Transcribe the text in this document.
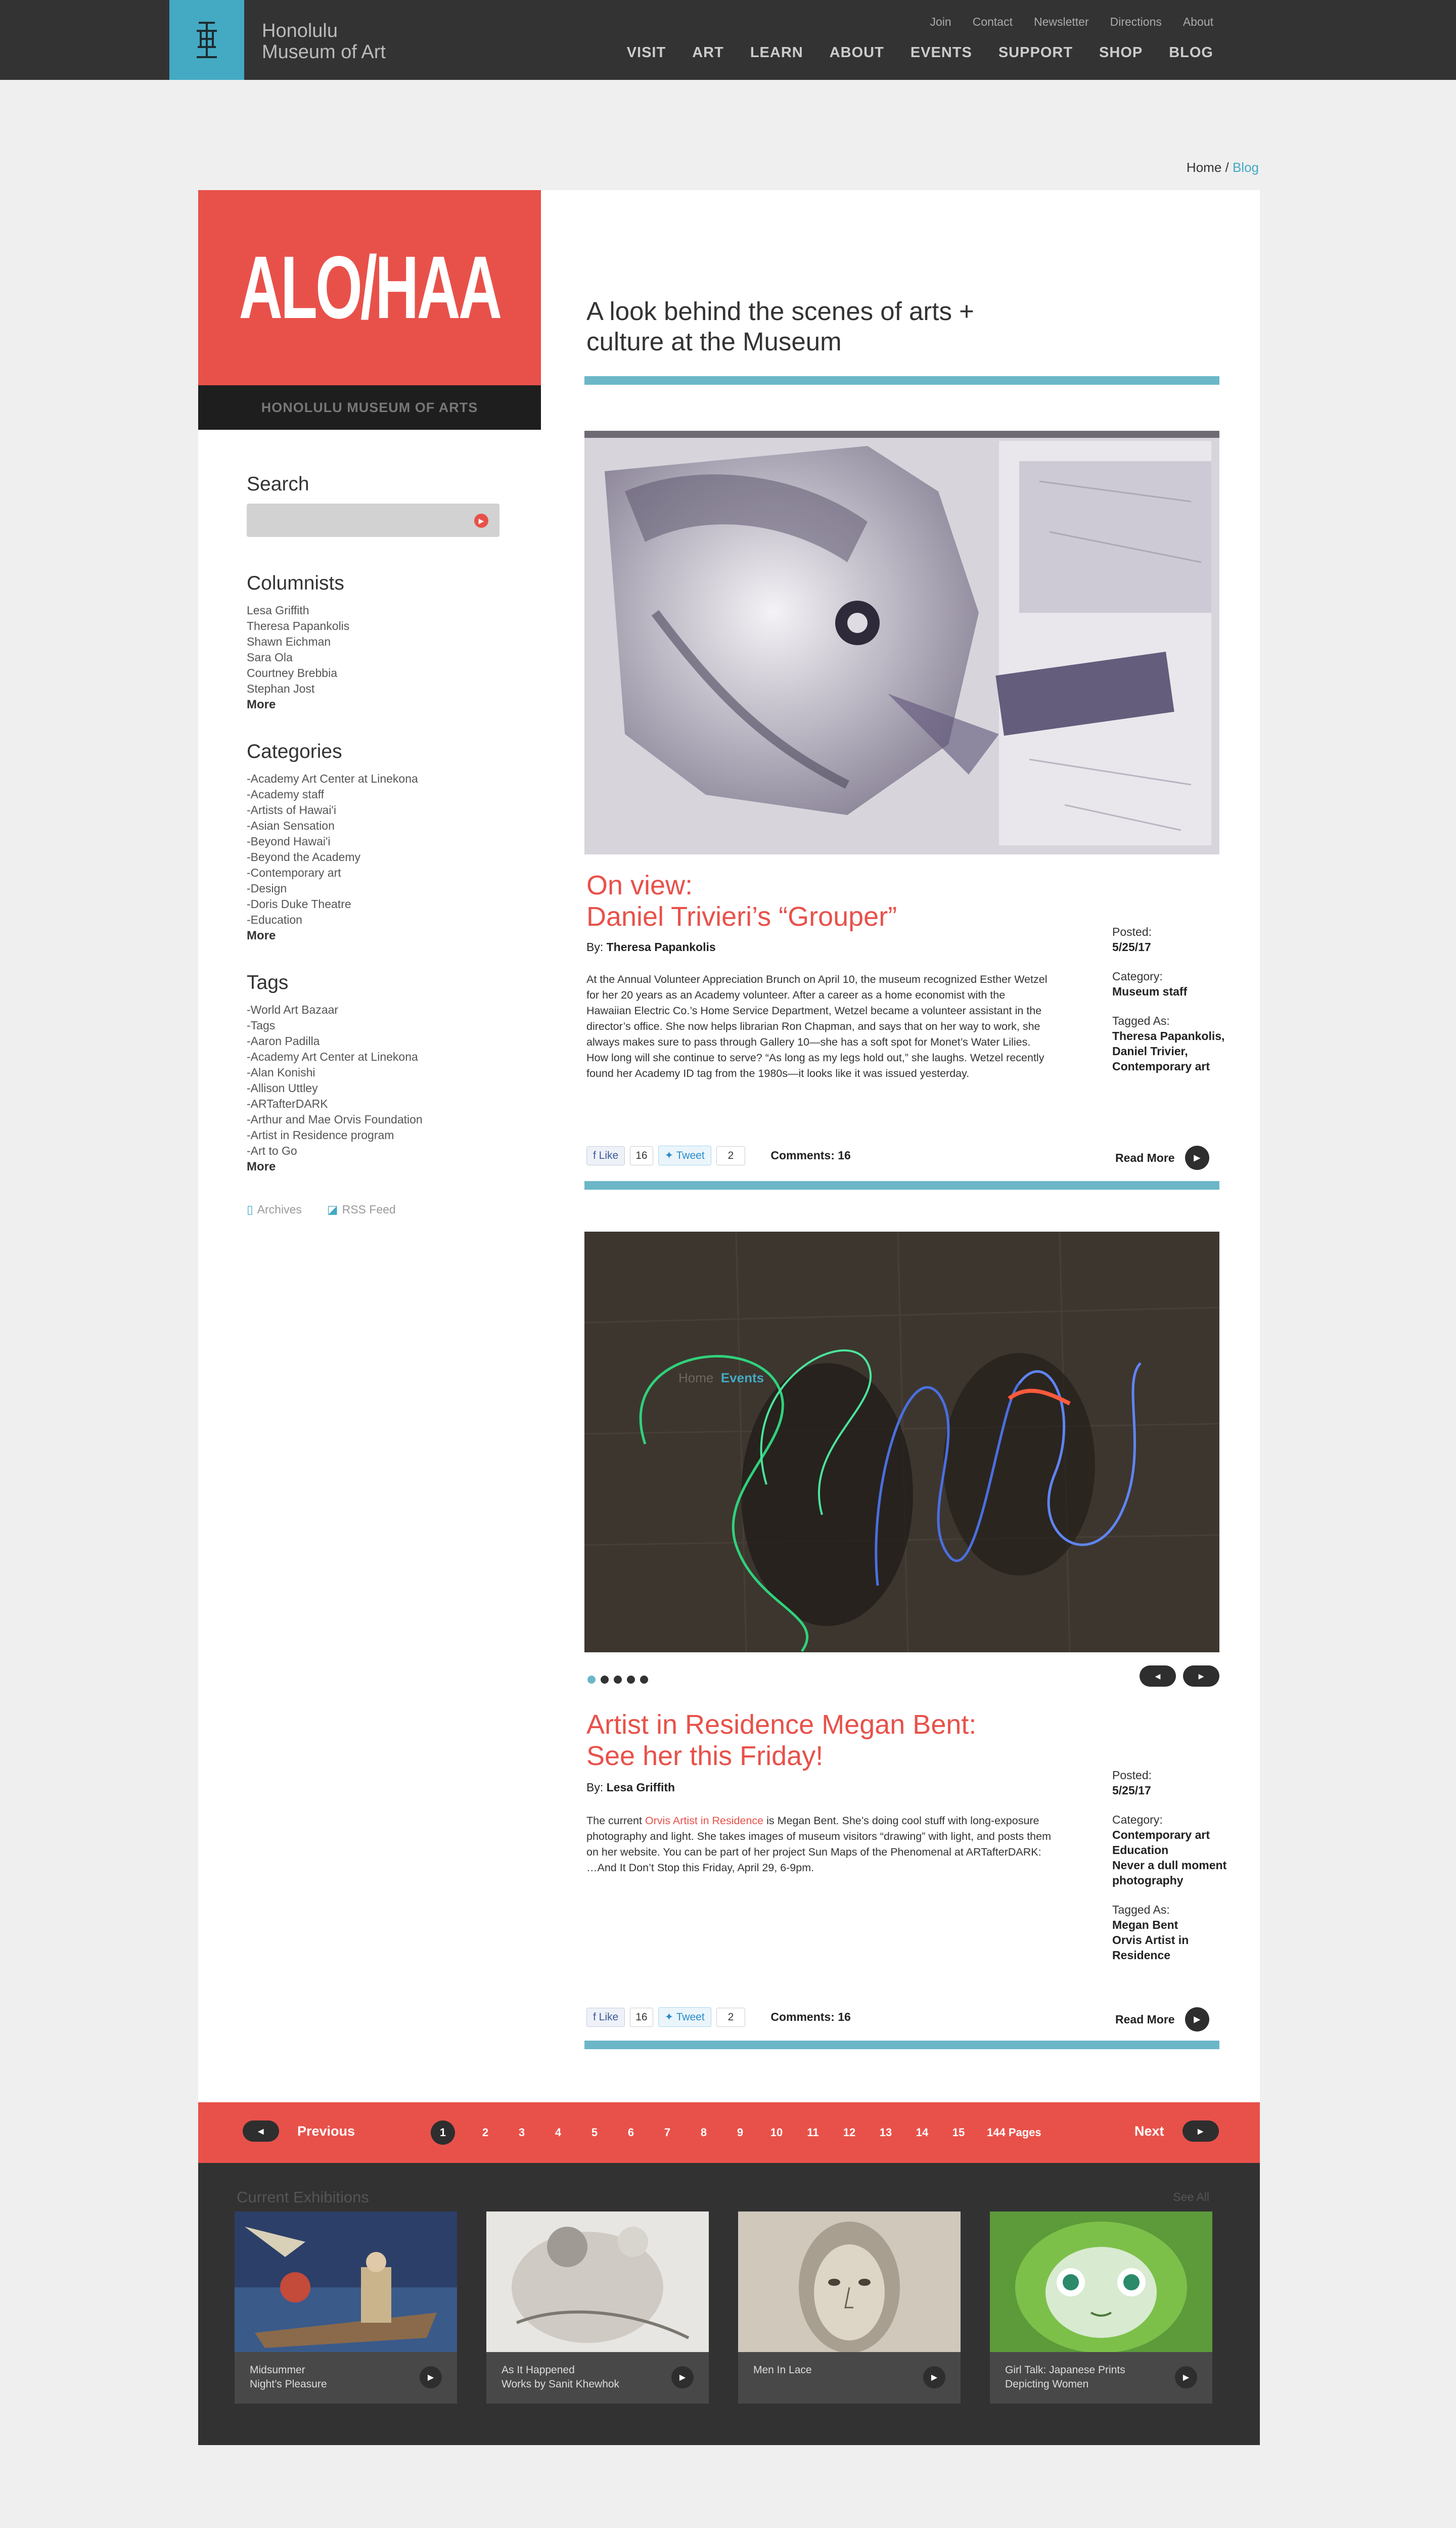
Honolulu
Museum of Art
Join Contact Newsletter Directions About
VISIT ART LEARN ABOUT EVENTS SUPPORT SHOP BLOG
Home / Blog
ALO/HAA
HONOLULU MUSEUM OF ARTS
Search
▶
Columnists
Lesa Griffith
Theresa Papankolis
Shawn Eichman
Sara Ola
Courtney Brebbia
Stephan Jost
More
Categories
-Academy Art Center at Linekona
-Academy staff
-Artists of Hawai'i
-Asian Sensation
-Beyond Hawai'i
-Beyond the Academy
-Contemporary art
-Design
-Doris Duke Theatre
-Education
More
Tags
-World Art Bazaar
-Tags
-Aaron Padilla
-Academy Art Center at Linekona
-Alan Konishi
-Allison Uttley
-ARTafterDARK
-Arthur and Mae Orvis Foundation
-Artist in Residence program
-Art to Go
More
▯ Archives ◪ RSS Feed
A look behind the scenes of arts + culture at the Museum
On view:
Daniel Trivieri’s “Grouper”
By: Theresa Papankolis
At the Annual Volunteer Appreciation Brunch on April 10, the museum recognized Esther Wetzel for her 20 years as an Academy volunteer. After a career as a home economist with the Hawaiian Electric Co.’s Home Service Department, Wetzel became a volunteer assistant in the director’s office. She now helps librarian Ron Chapman, and says that on her way to work, she always makes sure to pass through Gallery 10—she has a soft spot for Monet’s Water Lilies. How long will she continue to serve? “As long as my legs hold out,” she laughs. Wetzel recently found her Academy ID tag from the 1980s—it looks like it was issued yesterday.
Posted:
5/25/17
Category:
Museum staff
Tagged As:
Theresa Papankolis,
Daniel Trivier,
Contemporary art
f Like	16	✦ Tweet	2	Comments: 16	Read More	▶
Home Events
◀	▶
Artist in Residence Megan Bent:
See her this Friday!
By: Lesa Griffith
The current Orvis Artist in Residence is Megan Bent. She’s doing cool stuff with long-exposure photography and light. She takes images of museum visitors “drawing” with light, and posts them on her website. You can be part of her project Sun Maps of the Phenomenal at ARTafterDARK: …And It Don’t Stop this Friday, April 29, 6-9pm.
Posted:
5/25/17
Category:
Contemporary art
Education
Never a dull moment photography
Tagged As:
Megan Bent
Orvis Artist in Residence
f Like	16	✦ Tweet	2	Comments: 16	Read More	▶
◀	Previous	1	2	3	4	5	6	7	8	9	10	11	12	13	14	15	144 Pages	Next	▶
Current Exhibitions	See All
Midsummer
Night’s Pleasure
▶
As It Happened
Works by Sanit Khewhok
▶
Men In Lace
▶
Girl Talk: Japanese Prints
Depicting Women
▶
